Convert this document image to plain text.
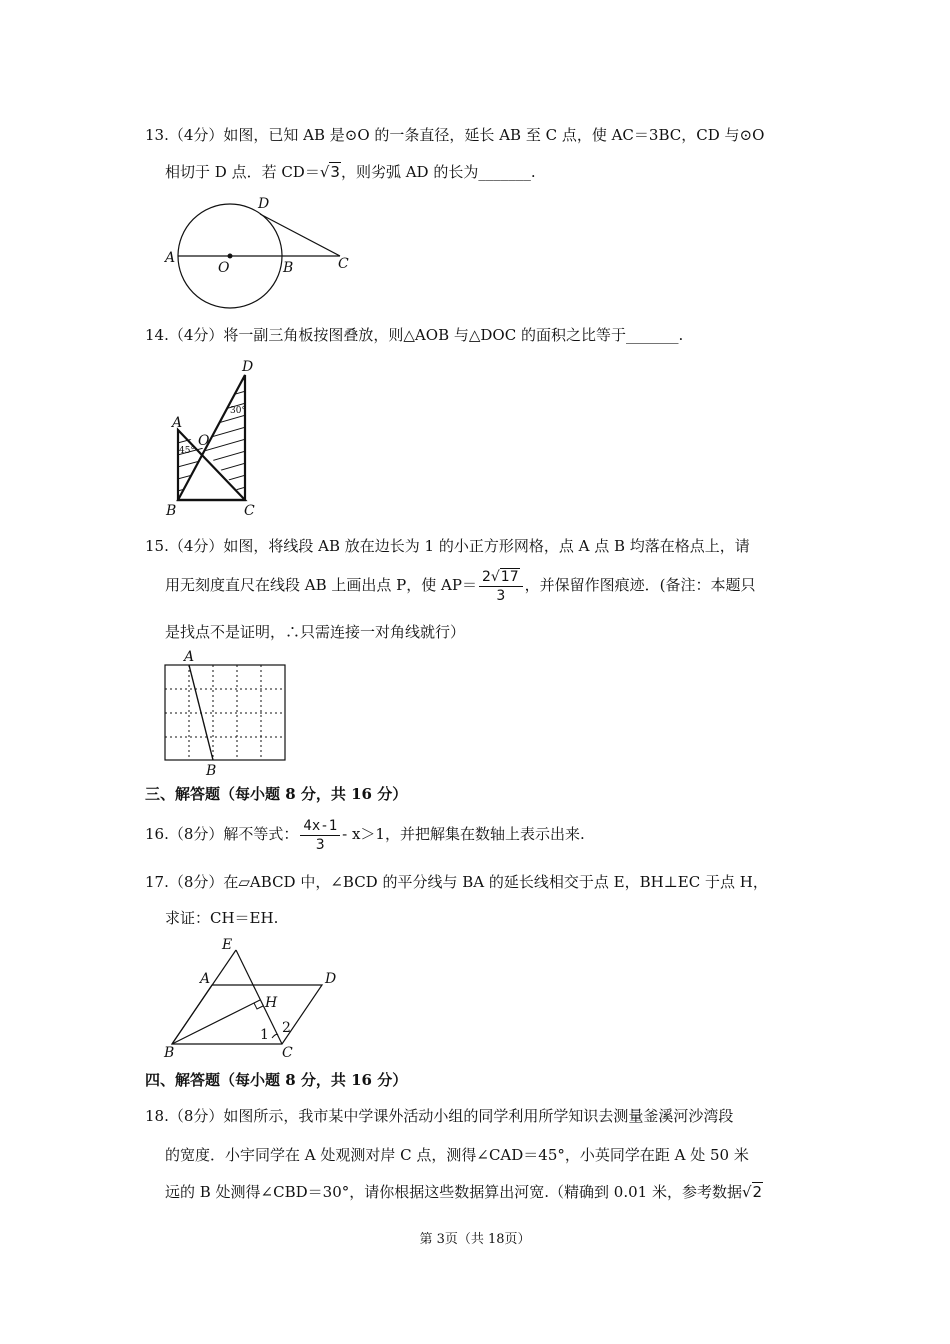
13.（4分）如图，已知 AB 是⊙O 的一条直径，延长 AB 至 C 点，使 AC＝3BC，CD 与⊙O
相切于 D 点．若 CD＝√3，则劣弧 AD 的长为_______.
A
O	B	C
D
14.（4分）将一副三角板按图叠放，则△AOB 与△DOC 的面积之比等于_______.
A
O
D
B	C
45°
30°
15.（4分）如图，将线段 AB 放在边长为 1 的小正方形网格，点 A 点 B 均落在格点上，请
用无刻度直尺在线段 AB 上画出点 P，使 $AP= \frac{2√17}{3}$ ，并保留作图痕迹．(备注：本题只
是找点不是证明，∴只需连接一对角线就行）
A
B
三、解答题（每小题 8 分，共 16 分）
16.（8分）解不等式： $\frac{4x-1}{3} - x>1$，并把解集在数轴上表示出来.
17.（8分）在▱ABCD 中，∠BCD 的平分线与 BA 的延长线相交于点 E，BH⊥EC 于点 H，
求证：CH＝EH.
E
A	D
H
B	C
1 2
四、解答题（每小题 8 分，共 16 分）
18.（8分）如图所示，我市某中学课外活动小组的同学利用所学知识去测量釜溪河沙湾段
的宽度．小宇同学在 A 处观测对岸 C 点，测得∠CAD＝45°，小英同学在距 A 处 50 米
远的 B 处测得∠CBD＝30°，请你根据这些数据算出河宽.（精确到 0.01 米，参考数据√2
第 3页（共 18页）
